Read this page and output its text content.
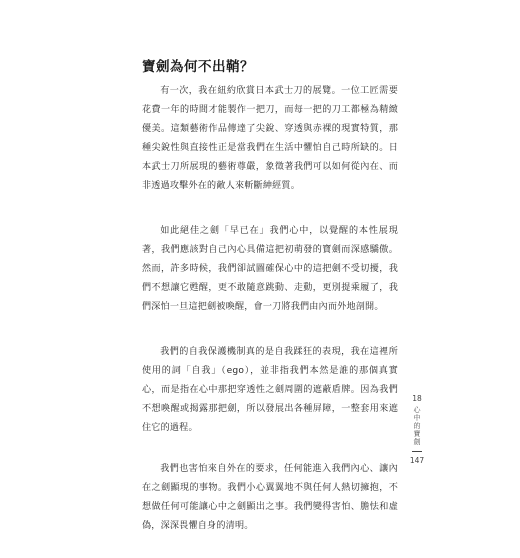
寶劍為何不出鞘？

有一次，我在紐約欣賞日本武士刀的展覽。一位工匠需要花費一年的時間才能製作一把刀，而每一把的刀工都極為精緻優美。這類藝術作品傳達了尖銳、穿透與赤裸的現實特質，那種尖銳性與直接性正是當我們在生活中懼怕自己時所缺的。日本武士刀所展現的藝術尊嚴，象徵著我們可以如何從內在、而非透過攻擊外在的敵人來斬斷紳經質。

如此絕佳之劍「早已在」我們心中，以覺醒的本性展現著，我們應該對自己內心具備這把初萌發的寶劍而深感驕傲。然而，許多時候，我們卻試圖確保心中的這把劍不受切擾，我們不想讓它甦醒，更不敢隨意跳動、走動，更別提乘履了，我們深怕一旦這把劍被喚醒，會一刀將我們由內而外地剖開。

我們的自我保護機制真的是自我蹂狂的表現，我在這裡所使用的詞「自我」（ego），並非指我們本然是誰的那個真實心，而是指在心中那把穿透性之劍周圍的遮蔽盾牌。因為我們不想喚醒或揭露那把劍，所以發展出各種屏障，一整套用來遮住它的過程。

我們也害怕來自外在的要求，任何能進入我們內心、讓內在之劍顯現的事物。我們小心翼翼地不與任何人熱切擁抱，不想做任何可能讓心中之劍顯出之事。我們變得害怕、膽怯和虛偽，深深畏懼自身的清明。

18
心中的寶劍
147
